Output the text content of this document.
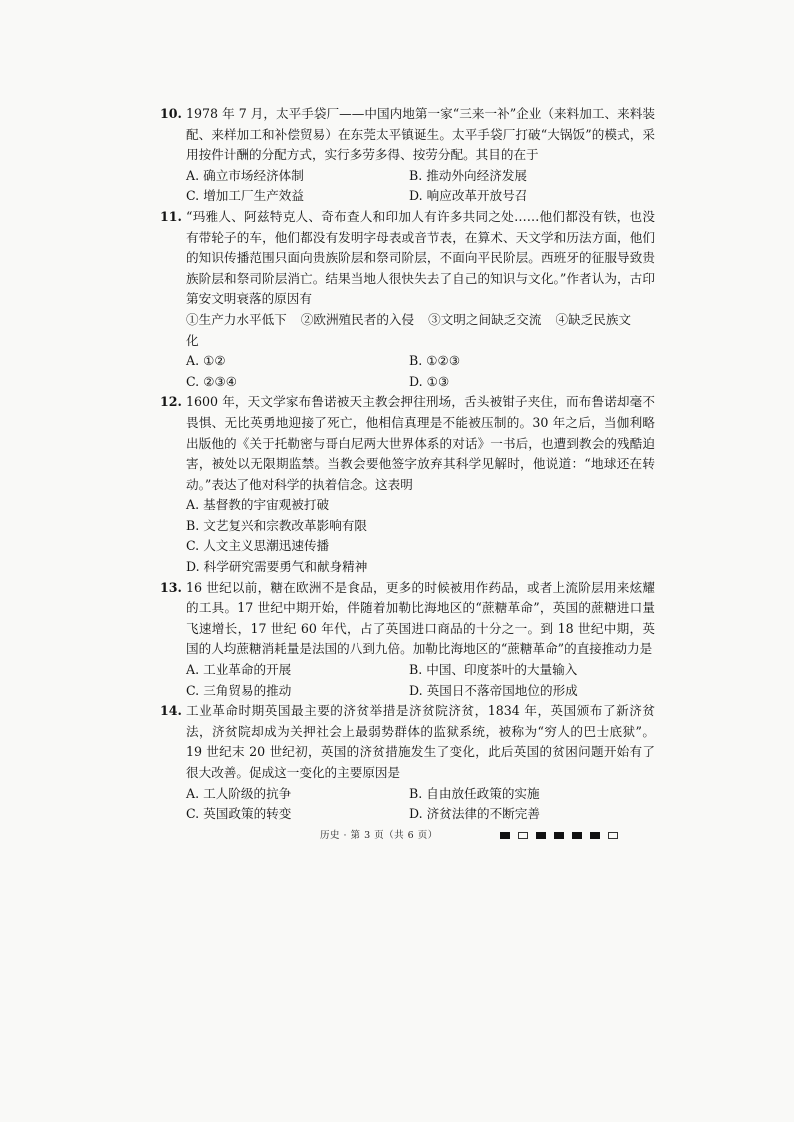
10. 1978 年 7 月，太平手袋厂——中国内地第一家“三来一补”企业（来料加工、来料装配、来样加工和补偿贸易）在东莞太平镇诞生。太平手袋厂打破“大锅饭”的模式，采用按件计酬的分配方式，实行多劳多得、按劳分配。其目的在于
A. 确立市场经济体制	B. 推动外向经济发展
C. 增加工厂生产效益	D. 响应改革开放号召
11. “玛雅人、阿兹特克人、奇布查人和印加人有许多共同之处……他们都没有铁，也没有带轮子的车，他们都没有发明字母表或音节表，在算术、天文学和历法方面，他们的知识传播范围只面向贵族阶层和祭司阶层，不面向平民阶层。西班牙的征服导致贵族阶层和祭司阶层消亡。结果当地人很快失去了自己的知识与文化。”作者认为，古印第安文明衰落的原因有
①生产力水平低下 ②欧洲殖民者的入侵 ③文明之间缺乏交流 ④缺乏民族文化
A. ①②	B. ①②③
C. ②③④	D. ①③
12. 1600 年，天文学家布鲁诺被天主教会押往刑场，舌头被钳子夹住，而布鲁诺却毫不畏惧、无比英勇地迎接了死亡，他相信真理是不能被压制的。30 年之后，当伽利略出版他的《关于托勒密与哥白尼两大世界体系的对话》一书后，也遭到教会的残酷迫害，被处以无限期监禁。当教会要他签字放弃其科学见解时，他说道：“地球还在转动。”表达了他对科学的执着信念。这表明
A. 基督教的宇宙观被打破
B. 文艺复兴和宗教改革影响有限
C. 人文主义思潮迅速传播
D. 科学研究需要勇气和献身精神
13. 16 世纪以前，糖在欧洲不是食品，更多的时候被用作药品，或者上流阶层用来炫耀的工具。17 世纪中期开始，伴随着加勒比海地区的“蔗糖革命”，英国的蔗糖进口量飞速增长，17 世纪 60 年代，占了英国进口商品的十分之一。到 18 世纪中期，英国的人均蔗糖消耗量是法国的八到九倍。加勒比海地区的“蔗糖革命”的直接推动力是
A. 工业革命的开展	B. 中国、印度茶叶的大量输入
C. 三角贸易的推动	D. 英国日不落帝国地位的形成
14. 工业革命时期英国最主要的济贫举措是济贫院济贫，1834 年，英国颁布了新济贫法，济贫院却成为关押社会上最弱势群体的监狱系统，被称为“穷人的巴士底狱”。19 世纪末 20 世纪初，英国的济贫措施发生了变化，此后英国的贫困问题开始有了很大改善。促成这一变化的主要原因是
A. 工人阶级的抗争	B. 自由放任政策的实施
C. 英国政策的转变	D. 济贫法律的不断完善
历史 · 第 3 页（共 6 页）
